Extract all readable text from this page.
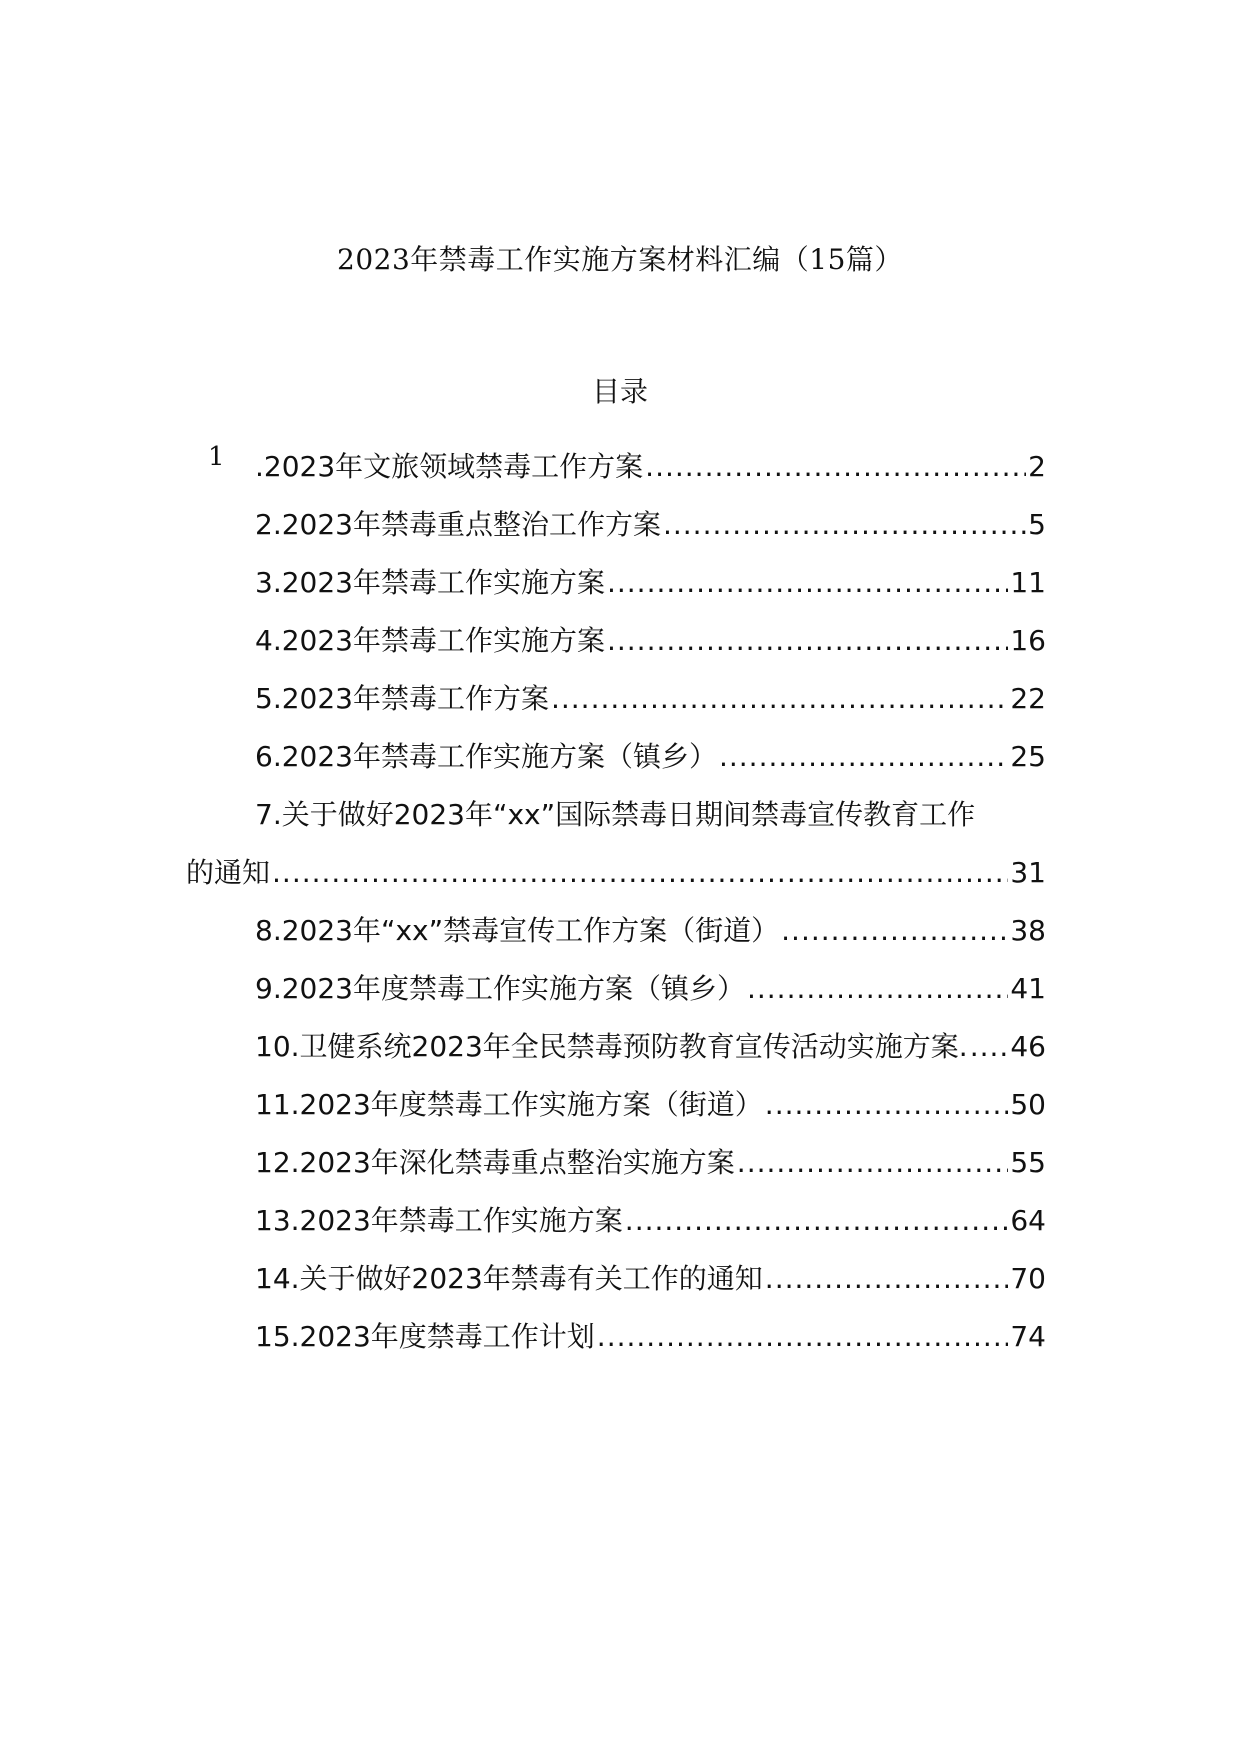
2023年禁毒工作实施方案材料汇编（15篇）
目录
1 .2023年文旅领域禁毒工作方案 .....	2
2.2023年禁毒重点整治工作方案 .....	5
3.2023年禁毒工作实施方案 .....	11
4.2023年禁毒工作实施方案 .....	16
5.2023年禁毒工作方案 .....	22
6.2023年禁毒工作实施方案（镇乡） .....	25
7.关于做好2023年“xx”国际禁毒日期间禁毒宣传教育工作
的通知 .....	31
8.2023年“xx”禁毒宣传工作方案（街道） .....	38
9.2023年度禁毒工作实施方案（镇乡） .....	41
10.卫健系统2023年全民禁毒预防教育宣传活动实施方案. ..... 46
11.2023年度禁毒工作实施方案（街道） .....	50
12.2023年深化禁毒重点整治实施方案 .....	55
13.2023年禁毒工作实施方案 .....	64
14.关于做好2023年禁毒有关工作的通知 .....	70
15.2023年度禁毒工作计划 .....	74
